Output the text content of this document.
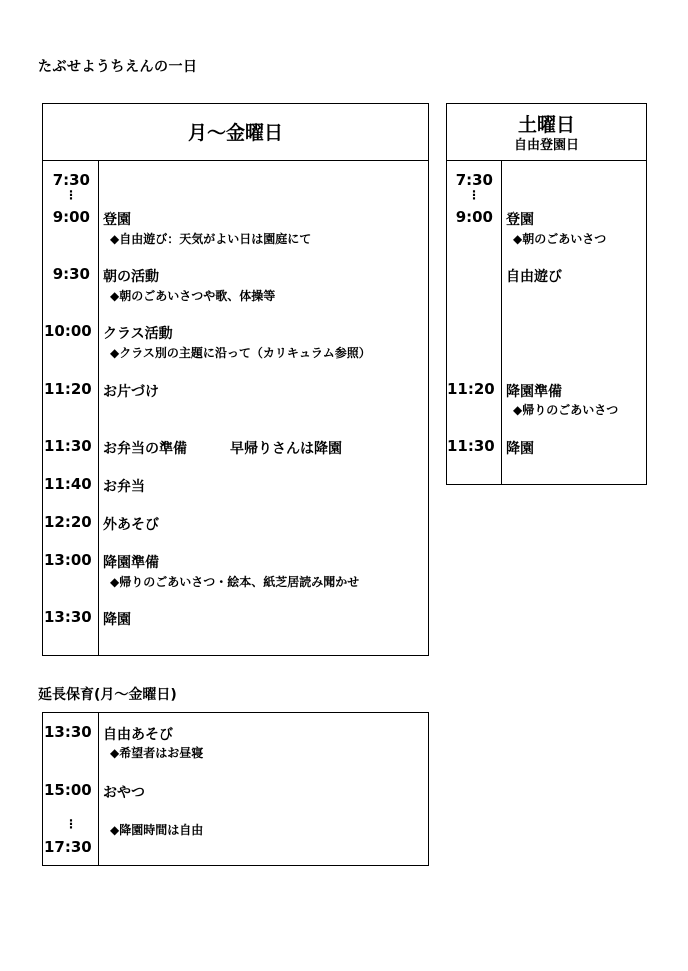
たぶせようちえんの一日
月～金曜日
7:30
⋮
9:00 登園
◆自由遊び：天気がよい日は園庭にて
9:30 朝の活動
◆朝のごあいさつや歌、体操等
10:00 クラス活動
◆クラス別の主題に沿って（カリキュラム参照）
11:20 お片づけ
11:30 お弁当の準備	早帰りさんは降園
11:40 お弁当
12:20 外あそび
13:00 降園準備
◆帰りのごあいさつ・絵本、紙芝居読み聞かせ
13:30 降園
土曜日
自由登園日
7:30
⋮
9:00 登園
◆朝のごあいさつ
自由遊び
11:20 降園準備
◆帰りのごあいさつ
11:30 降園
延長保育(月～金曜日)
13:30 自由あそび
◆希望者はお昼寝
15:00 おやつ
⋮	◆降園時間は自由
17:30
